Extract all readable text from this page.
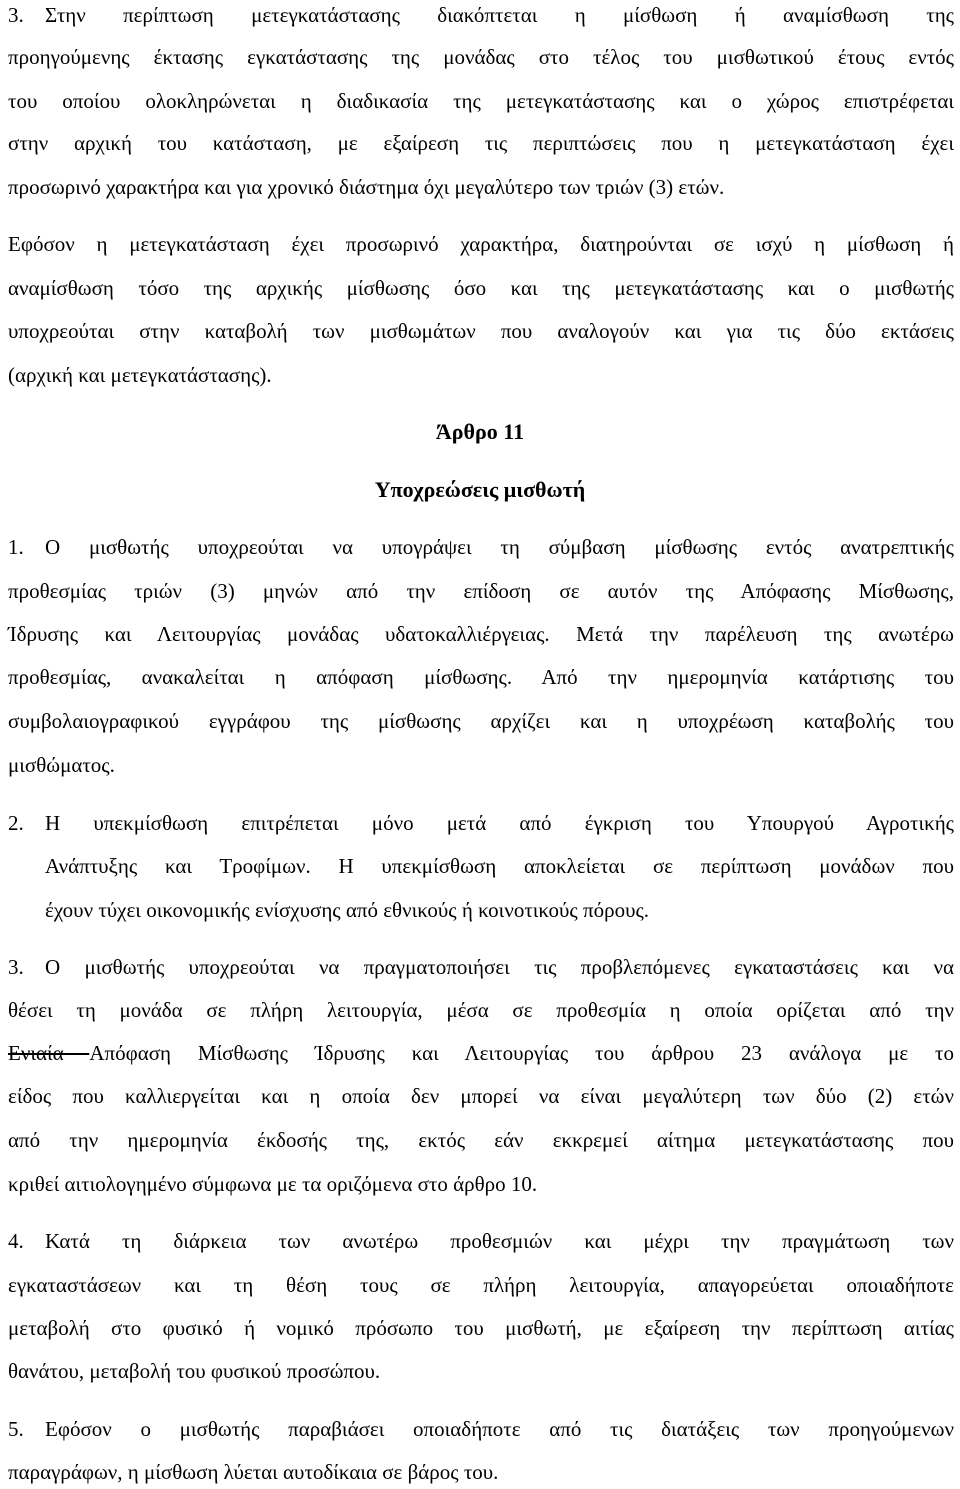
3. Στην περίπτωση μετεγκατάστασης διακόπτεται η μίσθωση ή αναμίσθωση της
προηγούμενης έκτασης εγκατάστασης της μονάδας στο τέλος του μισθωτικού έτους εντός
του οποίου ολοκληρώνεται η διαδικασία της μετεγκατάστασης και ο χώρος επιστρέφεται
στην αρχική του κατάσταση, με εξαίρεση τις περιπτώσεις που η μετεγκατάσταση έχει
προσωρινό χαρακτήρα και για χρονικό διάστημα όχι μεγαλύτερο των τριών (3) ετών.
Εφόσον η μετεγκατάσταση έχει προσωρινό χαρακτήρα, διατηρούνται σε ισχύ η μίσθωση ή
αναμίσθωση τόσο της αρχικής μίσθωσης όσο και της μετεγκατάστασης και ο μισθωτής
υποχρεούται στην καταβολή των μισθωμάτων που αναλογούν και για τις δύο εκτάσεις
(αρχική και μετεγκατάστασης).
Άρθρο 11
Υποχρεώσεις μισθωτή
1. Ο μισθωτής υποχρεούται να υπογράψει τη σύμβαση μίσθωσης εντός ανατρεπτικής
προθεσμίας τριών (3) μηνών από την επίδοση σε αυτόν της Απόφασης Μίσθωσης,
Ίδρυσης και Λειτουργίας μονάδας υδατοκαλλιέργειας. Μετά την παρέλευση της ανωτέρω
προθεσμίας, ανακαλείται η απόφαση μίσθωσης. Από την ημερομηνία κατάρτισης του
συμβολαιογραφικού εγγράφου της μίσθωσης αρχίζει και η υποχρέωση καταβολής του
μισθώματος.
2. Η υπεκμίσθωση επιτρέπεται μόνο μετά από έγκριση του Υπουργού Αγροτικής
Ανάπτυξης και Τροφίμων. Η υπεκμίσθωση αποκλείεται σε περίπτωση μονάδων που
έχουν τύχει οικονομικής ενίσχυσης από εθνικούς ή κοινοτικούς πόρους.
3. Ο μισθωτής υποχρεούται να πραγματοποιήσει τις προβλεπόμενες εγκαταστάσεις και να
θέσει τη μονάδα σε πλήρη λειτουργία, μέσα σε προθεσμία η οποία ορίζεται από την
Ενιαία Απόφαση Μίσθωσης Ίδρυσης και Λειτουργίας του άρθρου 23 ανάλογα με το
είδος που καλλιεργείται και η οποία δεν μπορεί να είναι μεγαλύτερη των δύο (2) ετών
από την ημερομηνία έκδοσής της, εκτός εάν εκκρεμεί αίτημα μετεγκατάστασης που
κριθεί αιτιολογημένο σύμφωνα με τα οριζόμενα στο άρθρο 10.
4. Κατά τη διάρκεια των ανωτέρω προθεσμιών και μέχρι την πραγμάτωση των
εγκαταστάσεων και τη θέση τους σε πλήρη λειτουργία, απαγορεύεται οποιαδήποτε
μεταβολή στο φυσικό ή νομικό πρόσωπο του μισθωτή, με εξαίρεση την περίπτωση αιτίας
θανάτου, μεταβολή του φυσικού προσώπου.
5. Εφόσον ο μισθωτής παραβιάσει οποιαδήποτε από τις διατάξεις των προηγούμενων
παραγράφων, η μίσθωση λύεται αυτοδίκαια σε βάρος του.
